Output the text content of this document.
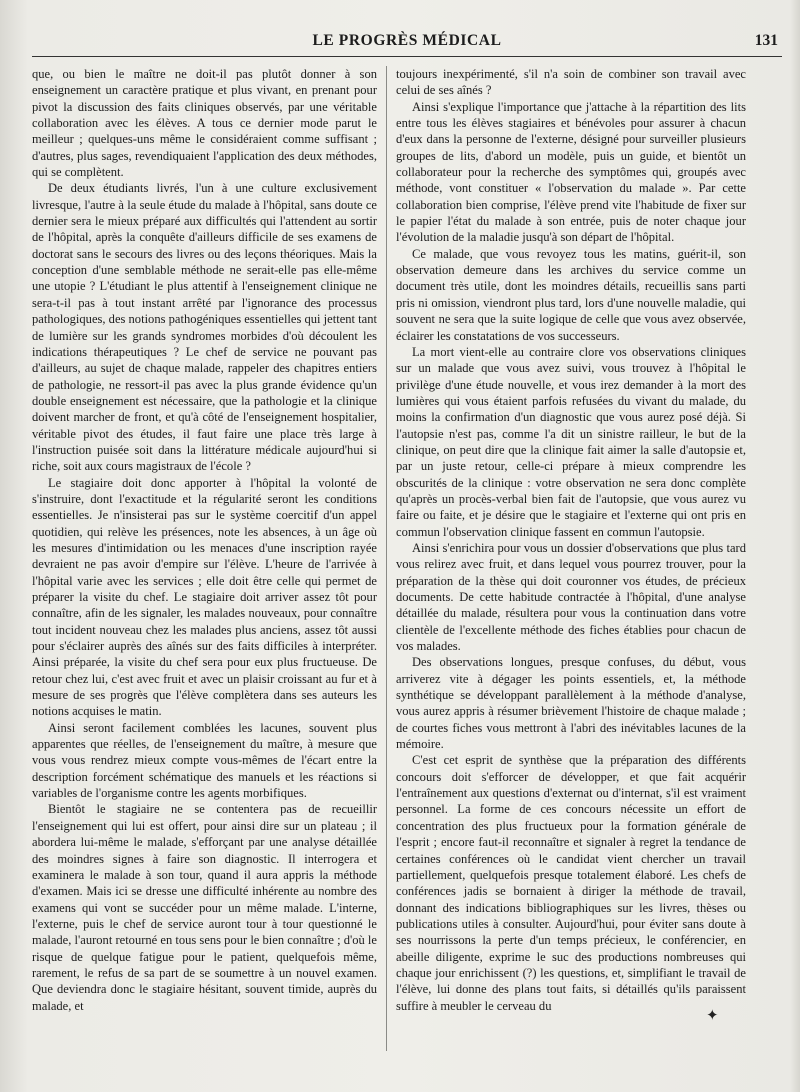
LE PROGRÈS MÉDICAL	131

que, ou bien le maître ne doit-il pas plutôt donner à son enseignement un caractère pratique et plus vivant, en prenant pour pivot la discussion des faits cliniques observés, par une véritable collaboration avec les élèves. A tous ce dernier mode parut le meilleur ; quelques-uns même le considéraient comme suffisant ; d'autres, plus sages, revendiquaient l'application des deux méthodes, qui se complètent.

De deux étudiants livrés, l'un à une culture exclusivement livresque, l'autre à la seule étude du malade à l'hôpital, sans doute ce dernier sera le mieux préparé aux difficultés qui l'attendent au sortir de l'hôpital, après la conquête d'ailleurs difficile de ses examens de doctorat sans le secours des livres ou des leçons théoriques. Mais la conception d'une semblable méthode ne serait-elle pas elle-même une utopie ? L'étudiant le plus attentif à l'enseignement clinique ne sera-t-il pas à tout instant arrêté par l'ignorance des processus pathologiques, des notions pathogéniques essentielles qui jettent tant de lumière sur les grands syndromes morbides d'où découlent les indications thérapeutiques ? Le chef de service ne pouvant pas d'ailleurs, au sujet de chaque malade, rappeler des chapitres entiers de pathologie, ne ressort-il pas avec la plus grande évidence qu'un double enseignement est nécessaire, que la pathologie et la clinique doivent marcher de front, et qu'à côté de l'enseignement hospitalier, véritable pivot des études, il faut faire une place très large à l'instruction puisée soit dans la littérature médicale aujourd'hui si riche, soit aux cours magistraux de l'école ?

Le stagiaire doit donc apporter à l'hôpital la volonté de s'instruire, dont l'exactitude et la régularité seront les conditions essentielles. Je n'insisterai pas sur le système coercitif d'un appel quotidien, qui relève les présences, note les absences, à un âge où les mesures d'intimidation ou les menaces d'une inscription rayée devraient ne pas avoir d'empire sur l'élève. L'heure de l'arrivée à l'hôpital varie avec les services ; elle doit être celle qui permet de préparer la visite du chef. Le stagiaire doit arriver assez tôt pour connaître, afin de les signaler, les malades nouveaux, pour connaître tout incident nouveau chez les malades plus anciens, assez tôt aussi pour s'éclairer auprès des aînés sur des faits difficiles à interpréter. Ainsi préparée, la visite du chef sera pour eux plus fructueuse. De retour chez lui, c'est avec fruit et avec un plaisir croissant au fur et à mesure de ses progrès que l'élève complètera dans ses auteurs les notions acquises le matin.

Ainsi seront facilement comblées les lacunes, souvent plus apparentes que réelles, de l'enseignement du maître, à mesure que vous vous rendrez mieux compte vous-mêmes de l'écart entre la description forcément schématique des manuels et les réactions si variables de l'organisme contre les agents morbifiques.

Bientôt le stagiaire ne se contentera pas de recueillir l'enseignement qui lui est offert, pour ainsi dire sur un plateau ; il abordera lui-même le malade, s'efforçant par une analyse détaillée des moindres signes à faire son diagnostic. Il interrogera et examinera le malade à son tour, quand il aura appris la méthode d'examen. Mais ici se dresse une difficulté inhérente au nombre des examens qui vont se succéder pour un même malade. L'interne, l'externe, puis le chef de service auront tour à tour questionné le malade, l'auront retourné en tous sens pour le bien connaître ; d'où le risque de quelque fatigue pour le patient, quelquefois même, rarement, le refus de sa part de se soumettre à un nouvel examen. Que deviendra donc le stagiaire hésitant, souvent timide, auprès du malade, et

toujours inexpérimenté, s'il n'a soin de combiner son travail avec celui de ses aînés ?

Ainsi s'explique l'importance que j'attache à la répartition des lits entre tous les élèves stagiaires et bénévoles pour assurer à chacun d'eux dans la personne de l'externe, désigné pour surveiller plusieurs groupes de lits, d'abord un modèle, puis un guide, et bientôt un collaborateur pour la recherche des symptômes qui, groupés avec méthode, vont constituer « l'observation du malade ». Par cette collaboration bien comprise, l'élève prend vite l'habitude de fixer sur le papier l'état du malade à son entrée, puis de noter chaque jour l'évolution de la maladie jusqu'à son départ de l'hôpital.

Ce malade, que vous revoyez tous les matins, guérit-il, son observation demeure dans les archives du service comme un document très utile, dont les moindres détails, recueillis sans parti pris ni omission, viendront plus tard, lors d'une nouvelle maladie, qui souvent ne sera que la suite logique de celle que vous avez observée, éclairer les constatations de vos successeurs.

La mort vient-elle au contraire clore vos observations cliniques sur un malade que vous avez suivi, vous trouvez à l'hôpital le privilège d'une étude nouvelle, et vous irez demander à la mort des lumières qui vous étaient parfois refusées du vivant du malade, du moins la confirmation d'un diagnostic que vous aurez posé déjà. Si l'autopsie n'est pas, comme l'a dit un sinistre railleur, le but de la clinique, on peut dire que la clinique fait aimer la salle d'autopsie et, par un juste retour, celle-ci prépare à mieux comprendre les obscurités de la clinique : votre observation ne sera donc complète qu'après un procès-verbal bien fait de l'autopsie, que vous aurez vu faire ou faite, et je désire que le stagiaire et l'externe qui ont pris en commun l'observation clinique fassent en commun l'autopsie.

Ainsi s'enrichira pour vous un dossier d'observations que plus tard vous relirez avec fruit, et dans lequel vous pourrez trouver, pour la préparation de la thèse qui doit couronner vos études, de précieux documents. De cette habitude contractée à l'hôpital, d'une analyse détaillée du malade, résultera pour vous la continuation dans votre clientèle de l'excellente méthode des fiches établies pour chacun de vos malades.

Des observations longues, presque confuses, du début, vous arriverez vite à dégager les points essentiels, et, la méthode synthétique se développant parallèlement à la méthode d'analyse, vous aurez appris à résumer brièvement l'histoire de chaque malade ; de courtes fiches vous mettront à l'abri des inévitables lacunes de la mémoire.

C'est cet esprit de synthèse que la préparation des différents concours doit s'efforcer de développer, et que fait acquérir l'entraînement aux questions d'externat ou d'internat, s'il est vraiment personnel. La forme de ces concours nécessite un effort de concentration des plus fructueux pour la formation générale de l'esprit ; encore faut-il reconnaître et signaler à regret la tendance de certaines conférences où le candidat vient chercher un travail partiellement, quelquefois presque totalement élaboré. Les chefs de conférences jadis se bornaient à diriger la méthode de travail, donnant des indications bibliographiques sur les livres, thèses ou publications utiles à consulter. Aujourd'hui, pour éviter sans doute à ses nourrissons la perte d'un temps précieux, le conférencier, en abeille diligente, exprime le suc des productions nombreuses qui chaque jour enrichissent (?) les questions, et, simplifiant le travail de l'élève, lui donne des plans tout faits, si détaillés qu'ils paraissent suffire à meubler le cerveau du

✦
